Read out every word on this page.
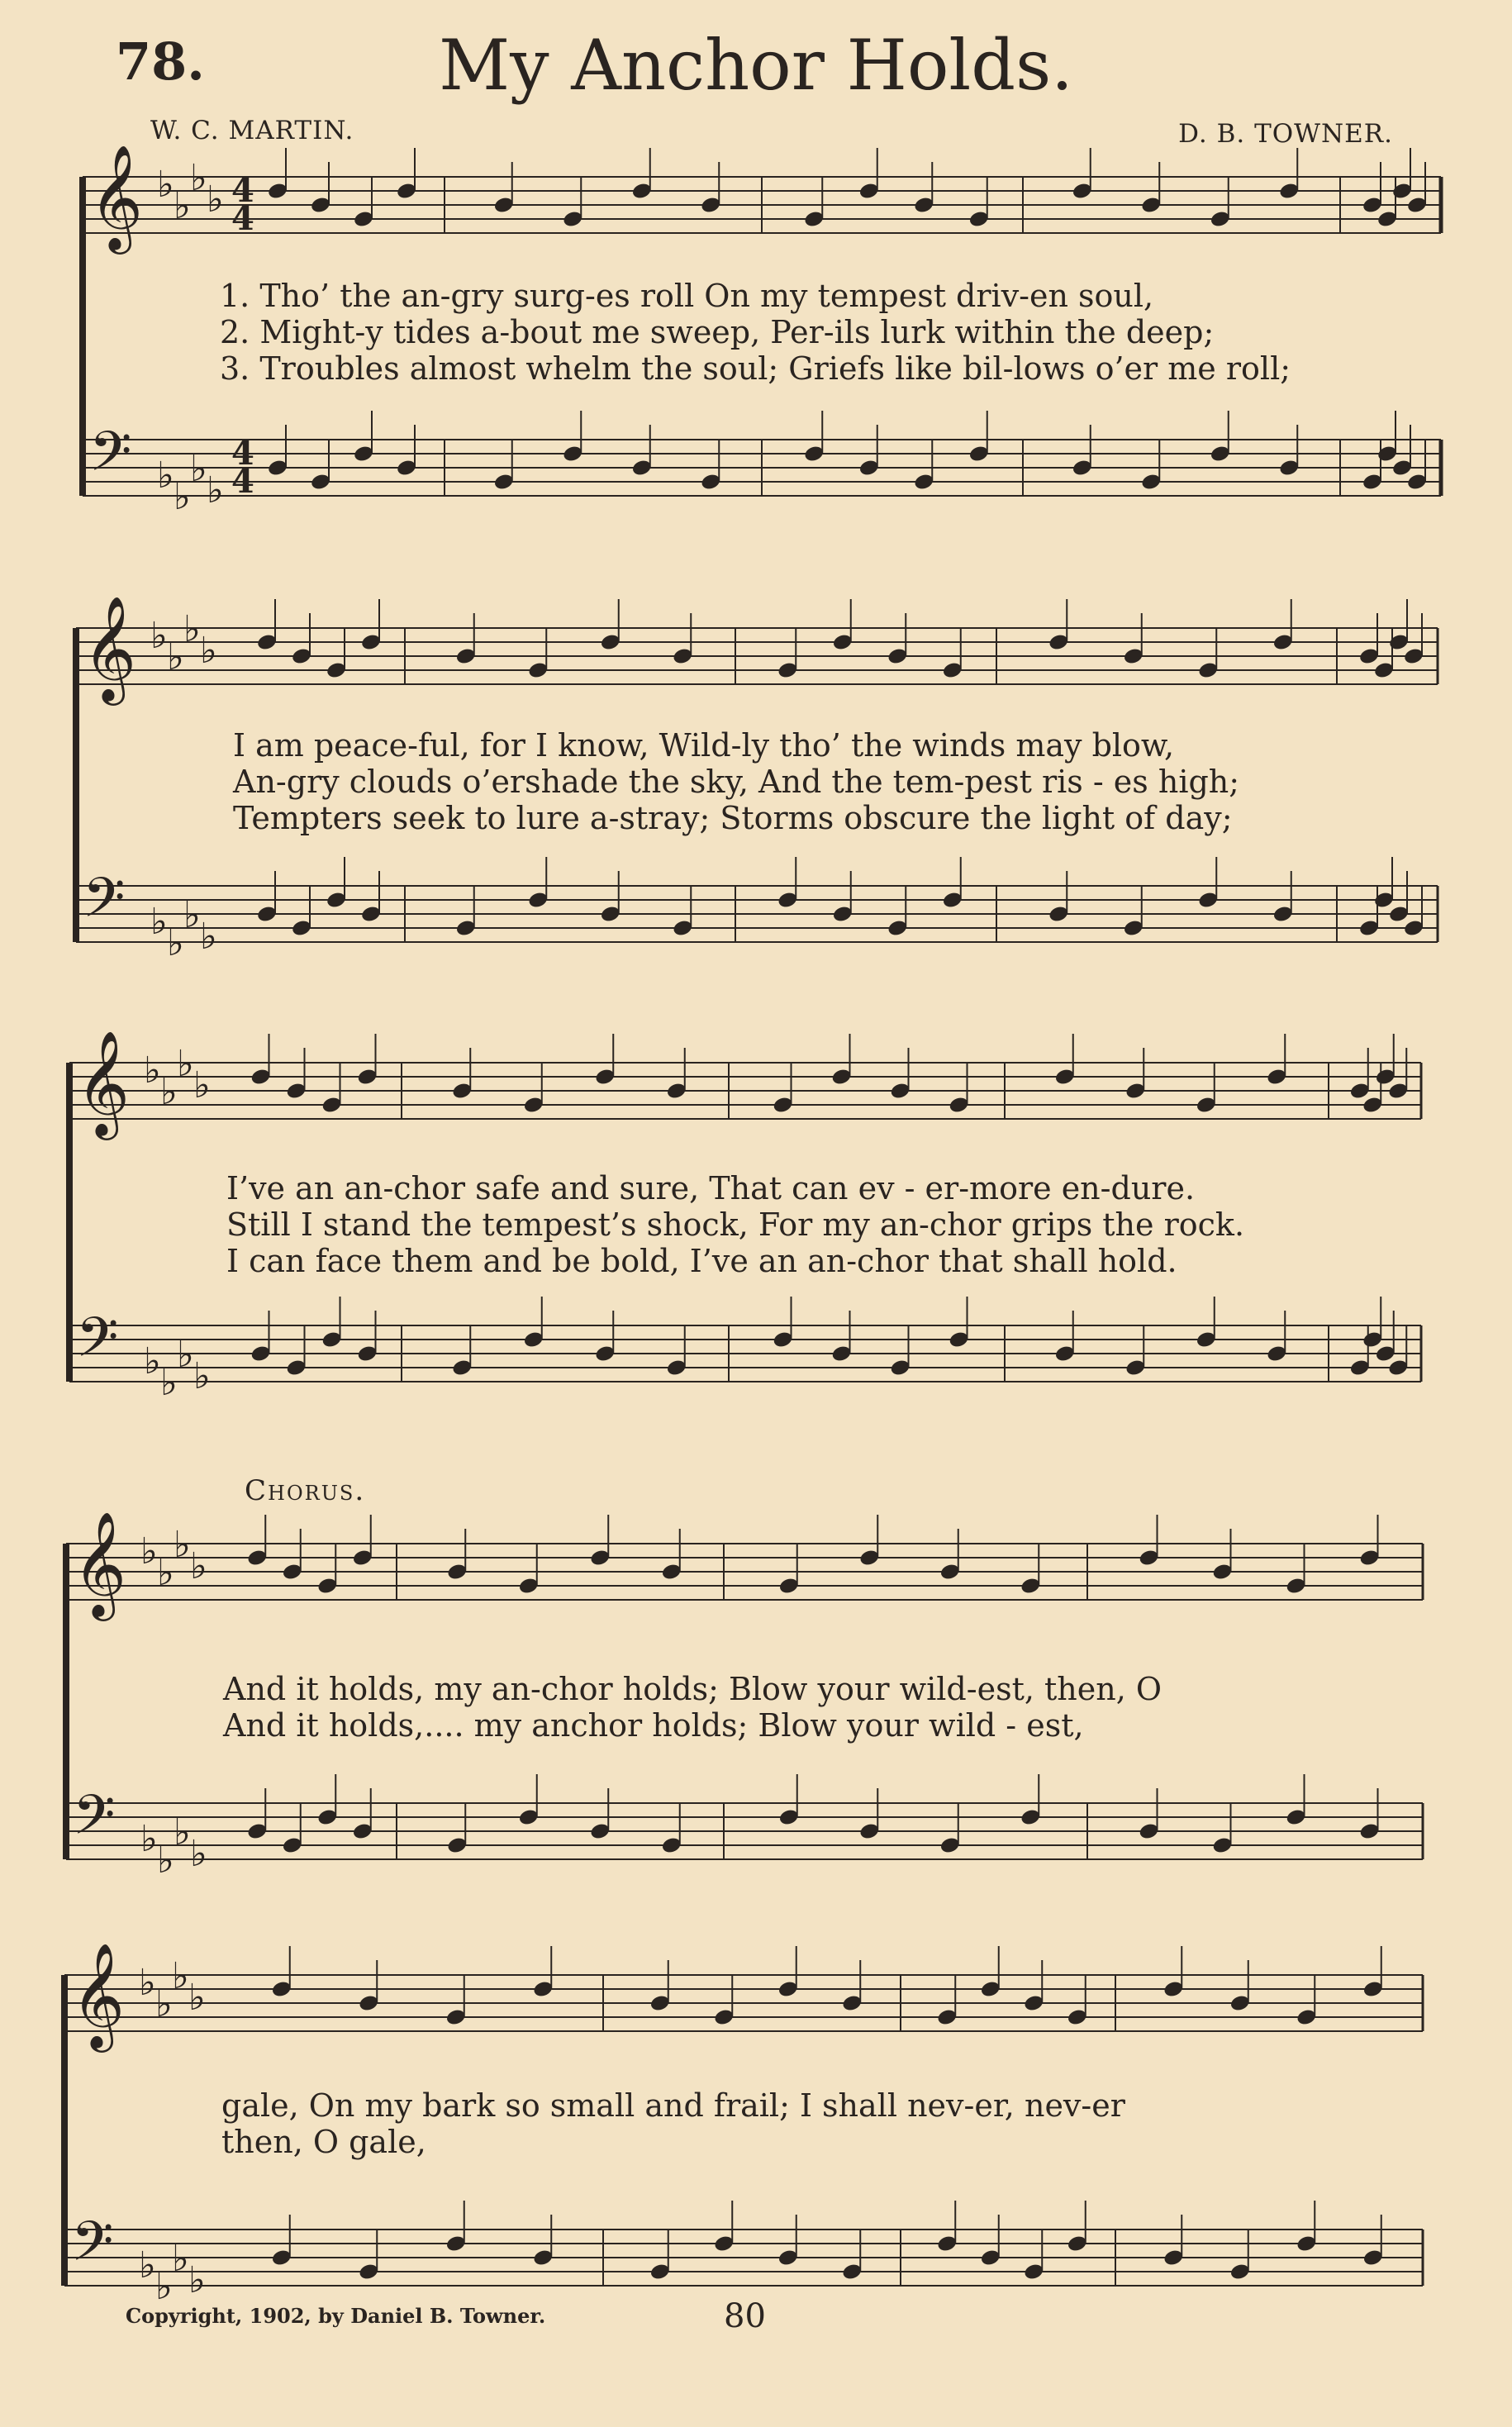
78.	My Anchor Holds.
W. C. MARTIN.	D. B. TOWNER.
𝄞 ♭
♭
♭
♭
𝄢 ♭
♭
♭
♭
4
4
4
4
𝄞 ♭
♭
♭
♭
𝄢 ♭
♭
♭
♭
𝄞 ♭
♭
♭
♭
𝄢 ♭
♭
♭
♭
𝄞 ♭
♭
♭
♭
𝄢 ♭
♭
♭
♭
𝄞 ♭
♭
♭
♭
𝄢 ♭
♭
♭
♭
1. Tho’ the an-gry surg-es roll On my tempest driv-en soul,
2. Might-y tides a-bout me sweep, Per-ils lurk within the deep;
3. Troubles almost whelm the soul; Griefs like bil-lows o’er me roll;
I am peace-ful, for I know, Wild-ly tho’ the winds may blow,
An-gry clouds o’ershade the sky, And the tem-pest ris - es high;
Tempters seek to lure a-stray; Storms obscure the light of day;
I’ve an an-chor safe and sure, That can ev - er-more en-dure.
Still I stand the tempest’s shock, For my an-chor grips the rock.
I can face them and be bold, I’ve an an-chor that shall hold.
Chorus.
And it holds, my an-chor holds; Blow your wild-est, then, O
And it holds,.... my anchor holds; Blow your wild - est,
gale, On my bark so small and frail; I shall nev-er, nev-er
then, O gale,
Copyright, 1902, by Daniel B. Towner.	80
